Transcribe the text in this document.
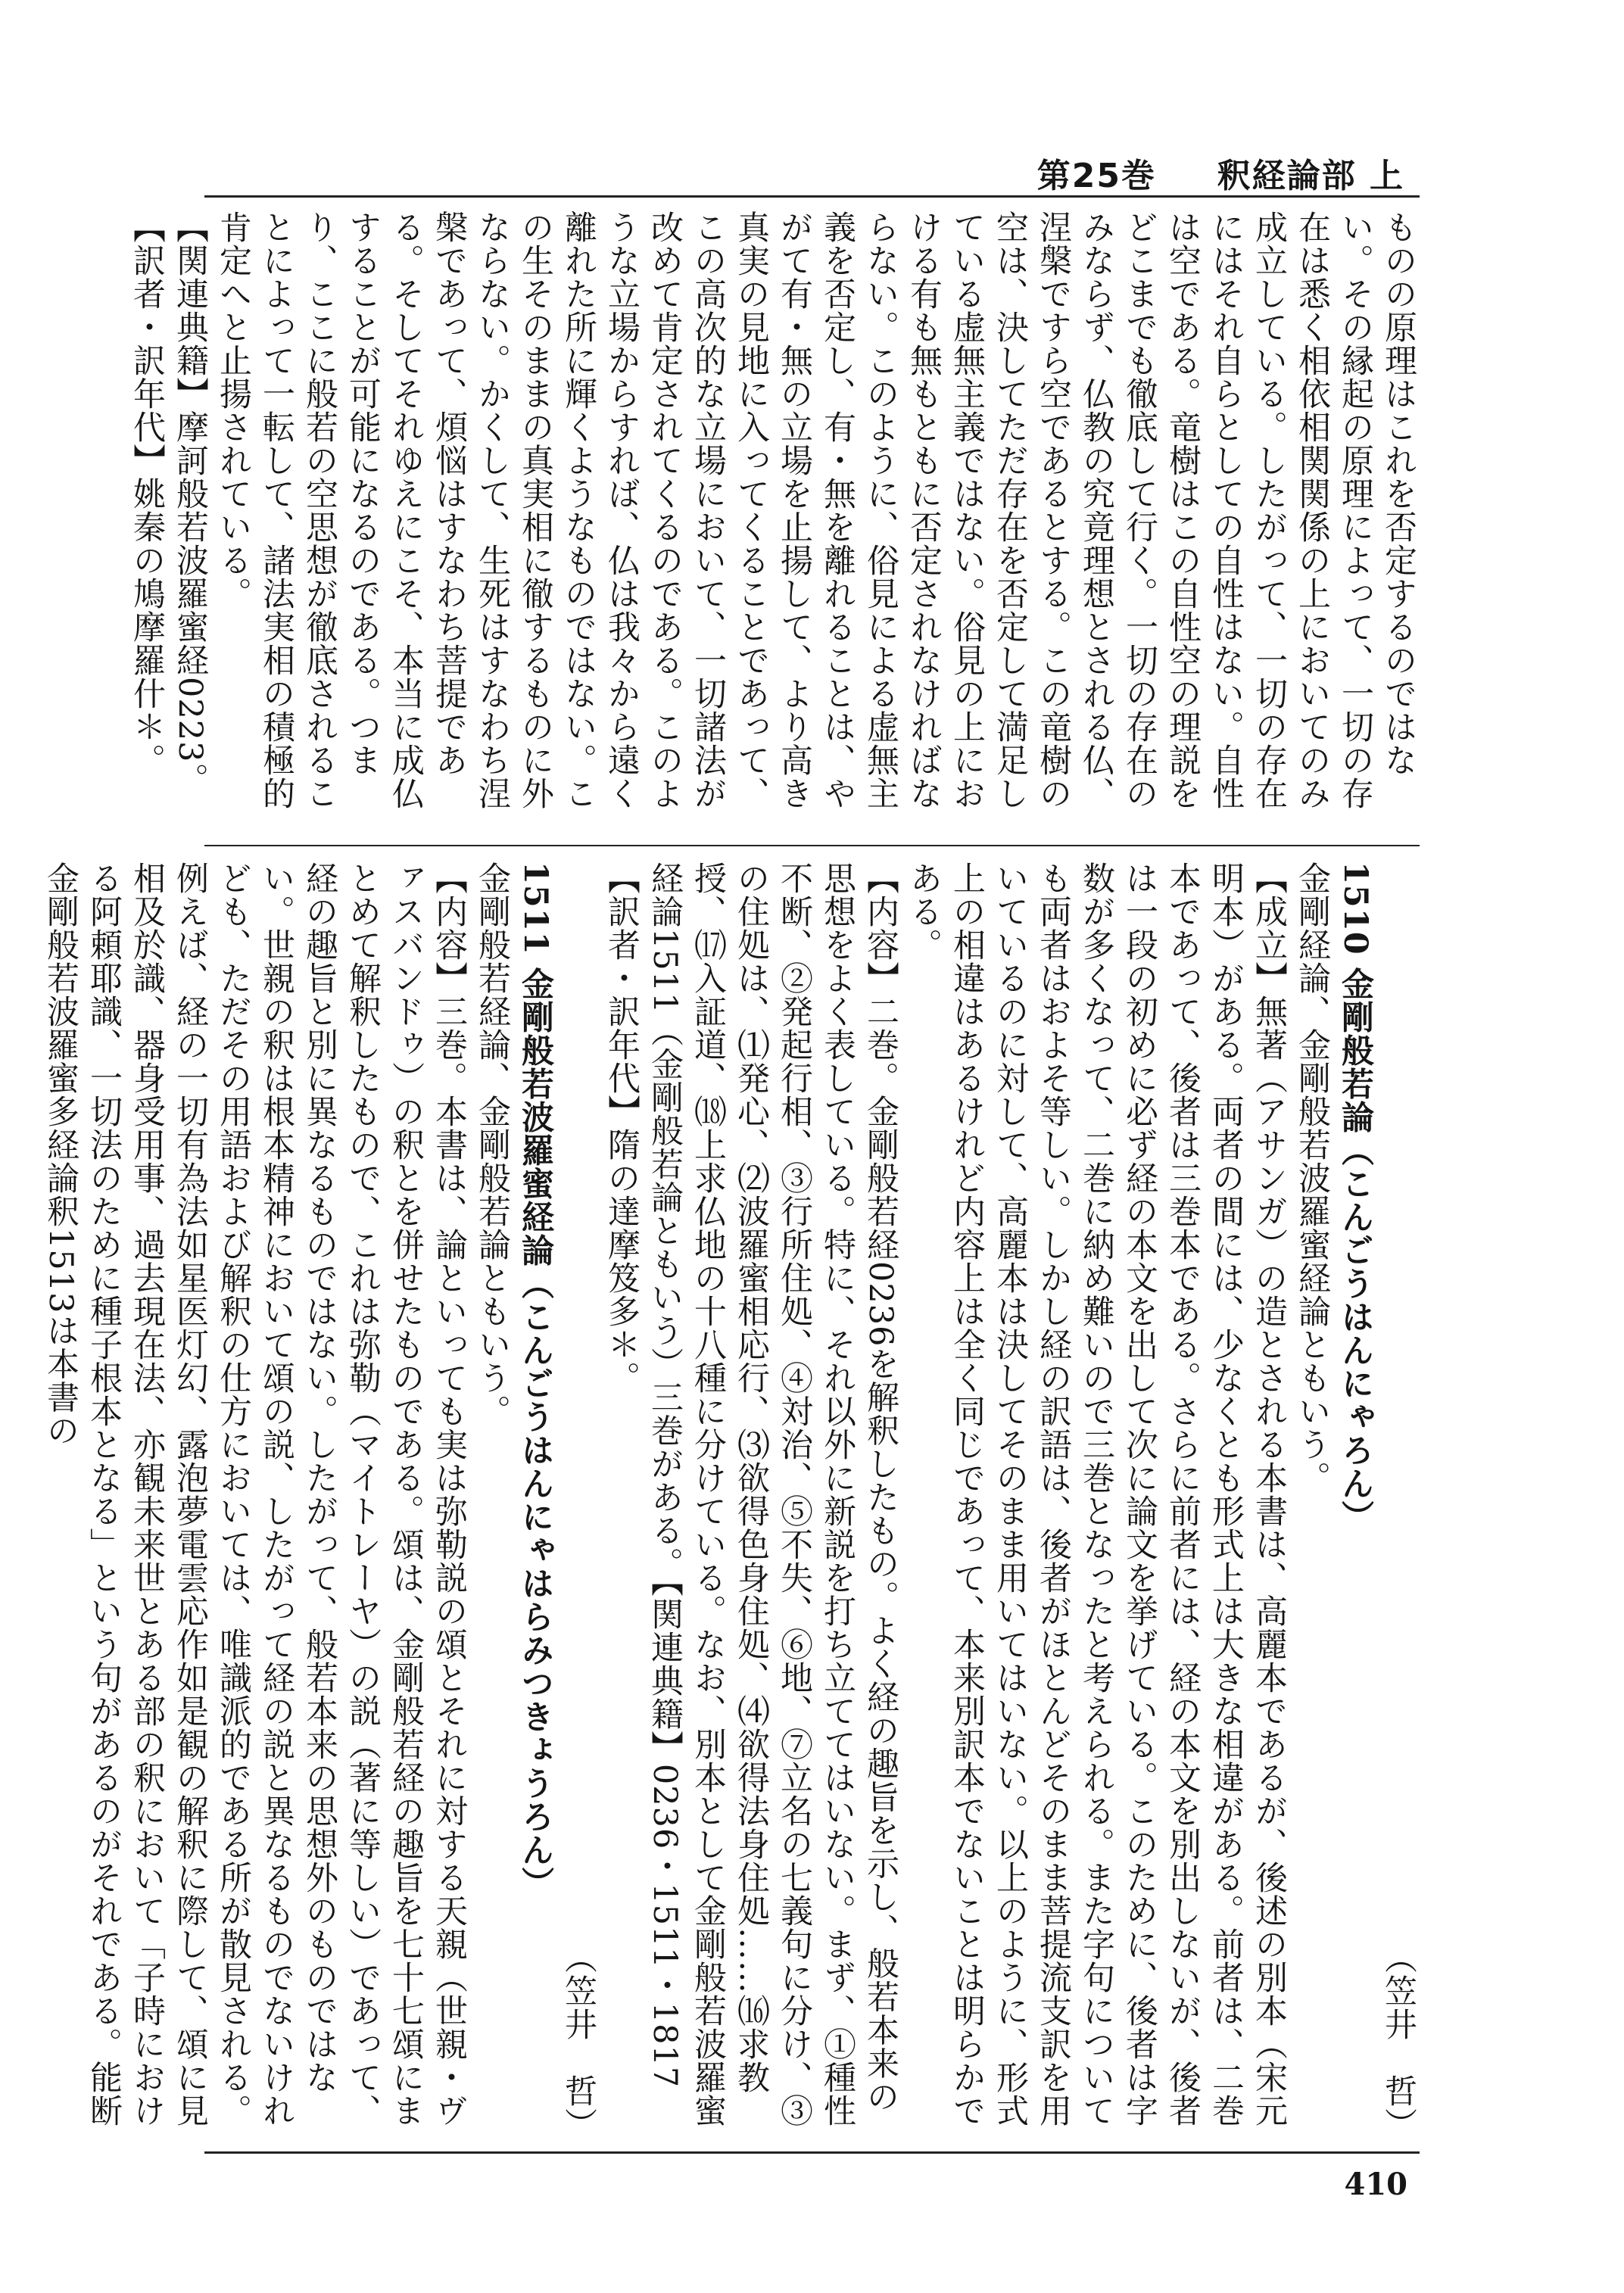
第25巻 　 釈経論部 上

ものの原理はこれを否定するのではない。その縁起の原理によって、一切の存在は悉く相依相関関係の上においてのみ成立している。したがって、一切の存在にはそれ自らとしての自性はない。自性は空である。竜樹はこの自性空の理説をどこまでも徹底して行く。一切の存在のみならず、仏教の究竟理想とされる仏、涅槃ですら空であるとする。この竜樹の空は、決してただ存在を否定して満足している虚無主義ではない。俗見の上における有も無もともに否定されなければならない。このように、俗見による虚無主義を否定し、有・無を離れることは、やがて有・無の立場を止揚して、より高き真実の見地に入ってくることであって、この高次的な立場において、一切諸法が改めて肯定されてくるのである。このような立場からすれば、仏は我々から遠く離れた所に輝くようなものではない。この生そのままの真実相に徹するものに外ならない。かくして、生死はすなわち涅槃であって、煩悩はすなわち菩提である。そしてそれゆえにこそ、本当に成仏することが可能になるのである。つまり、ここに般若の空思想が徹底されることによって一転して、諸法実相の積極的肯定へと止揚されている。

【関連典籍】摩訶般若波羅蜜経0223。

【訳者・訳年代】姚秦の鳩摩羅什＊。

（笠井　哲）

1510 金剛般若論（こんごうはんにゃろん）

金剛経論、金剛般若波羅蜜経論ともいう。

【成立】無著（アサンガ）の造とされる本書は、高麗本であるが、後述の別本（宋元明本）がある。両者の間には、少なくとも形式上は大きな相違がある。前者は、二巻本であって、後者は三巻本である。さらに前者には、経の本文を別出しないが、後者は一段の初めに必ず経の本文を出して次に論文を挙げている。このために、後者は字数が多くなって、二巻に納め難いので三巻となったと考えられる。また字句についても両者はおよそ等しい。しかし経の訳語は、後者がほとんどそのまま菩提流支訳を用いているのに対して、高麗本は決してそのまま用いてはいない。以上のように、形式上の相違はあるけれど内容上は全く同じであって、本来別訳本でないことは明らかである。

【内容】二巻。金剛般若経0236を解釈したもの。よく経の趣旨を示し、般若本来の思想をよく表している。特に、それ以外に新説を打ち立ててはいない。まず、①種性不断、②発起行相、③行所住処、④対治、⑤不失、⑥地、⑦立名の七義句に分け、③の住処は、⑴発心、⑵波羅蜜相応行、⑶欲得色身住処、⑷欲得法身住処……⒃求教授、⒄入証道、⒅上求仏地の十八種に分けている。なお、別本として金剛般若波羅蜜経論1511（金剛般若論ともいう）三巻がある。【関連典籍】0236・1511・1817【訳者・訳年代】隋の達摩笈多＊。

（笠井　哲）

1511 金剛般若波羅蜜経論（こんごうはんにゃはらみつきょうろん）

金剛般若経論、金剛般若論ともいう。

【内容】三巻。本書は、論といっても実は弥勒説の頌とそれに対する天親（世親・ヴァスバンドゥ）の釈とを併せたものである。頌は、金剛般若経の趣旨を七十七頌にまとめて解釈したもので、これは弥勒（マイトレーヤ）の説（著に等しい）であって、経の趣旨と別に異なるものではない。したがって、般若本来の思想外のものではない。世親の釈は根本精神において頌の説、したがって経の説と異なるものでないけれども、ただその用語および解釈の仕方においては、唯識派的である所が散見される。例えば、経の一切有為法如星医灯幻、露泡夢電雲応作如是観の解釈に際して、頌に見相及於識、器身受用事、過去現在法、亦観未来世とある部の釈において「子時における阿頼耶識、一切法のために種子根本となる」という句があるのがそれである。能断金剛般若波羅蜜多経論釈1513は本書の

410
